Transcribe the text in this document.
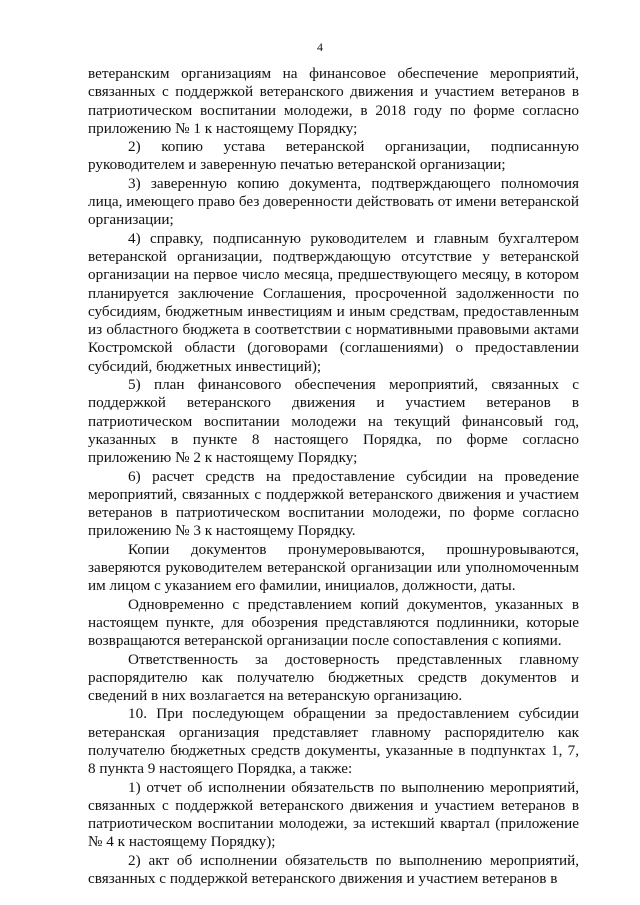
4

ветеранским организациям на финансовое обеспечение мероприятий, связанных с поддержкой ветеранского движения и участием ветеранов в патриотическом воспитании молодежи, в 2018 году по форме согласно приложению № 1 к настоящему Порядку;

2) копию устава ветеранской организации, подписанную руководителем и заверенную печатью ветеранской организации;

3) заверенную копию документа, подтверждающего полномочия лица, имеющего право без доверенности действовать от имени ветеранской организации;

4) справку, подписанную руководителем и главным бухгалтером ветеранской организации, подтверждающую отсутствие у ветеранской организации на первое число месяца, предшествующего месяцу, в котором планируется заключение Соглашения, просроченной задолженности по субсидиям, бюджетным инвестициям и иным средствам, предоставленным из областного бюджета в соответствии с нормативными правовыми актами Костромской области (договорами (соглашениями) о предоставлении субсидий, бюджетных инвестиций);

5) план финансового обеспечения мероприятий, связанных с поддержкой ветеранского движения и участием ветеранов в патриотическом воспитании молодежи на текущий финансовый год, указанных в пункте 8 настоящего Порядка, по форме согласно приложению № 2 к настоящему Порядку;

6) расчет средств на предоставление субсидии на проведение мероприятий, связанных с поддержкой ветеранского движения и участием ветеранов в патриотическом воспитании молодежи, по форме согласно приложению № 3 к настоящему Порядку.

Копии документов пронумеровываются, прошнуровываются, заверяются руководителем ветеранской организации или уполномоченным им лицом с указанием его фамилии, инициалов, должности, даты.

Одновременно с представлением копий документов, указанных в настоящем пункте, для обозрения представляются подлинники, которые возвращаются ветеранской организации после сопоставления с копиями.

Ответственность за достоверность представленных главному распорядителю как получателю бюджетных средств документов и сведений в них возлагается на ветеранскую организацию.

10. При последующем обращении за предоставлением субсидии ветеранская организация представляет главному распорядителю как получателю бюджетных средств документы, указанные в подпунктах 1, 7, 8 пункта 9 настоящего Порядка, а также:

1) отчет об исполнении обязательств по выполнению мероприятий, связанных с поддержкой ветеранского движения и участием ветеранов в патриотическом воспитании молодежи, за истекший квартал (приложение № 4 к настоящему Порядку);

2) акт об исполнении обязательств по выполнению мероприятий, связанных с поддержкой ветеранского движения и участием ветеранов в
